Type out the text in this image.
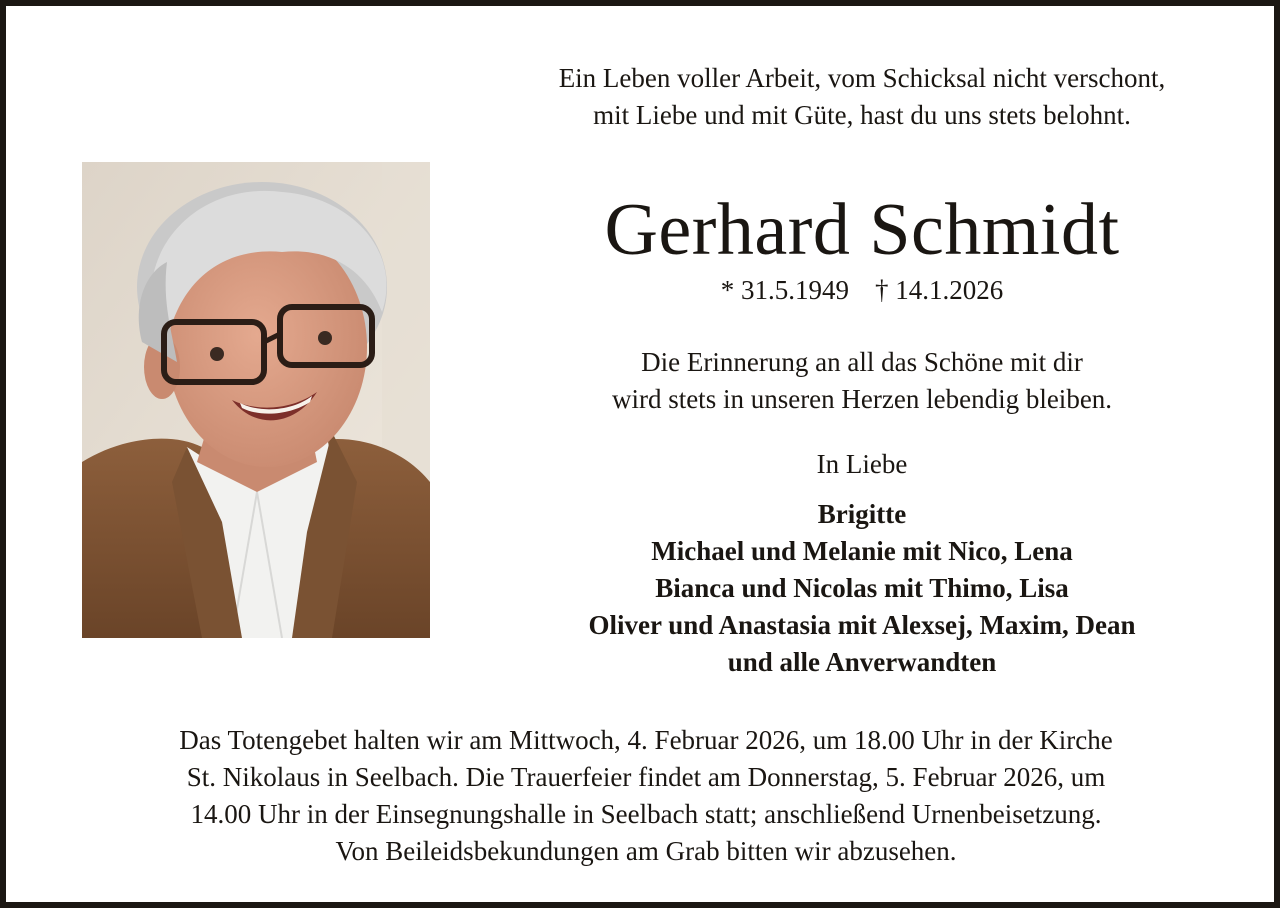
Ein Leben voller Arbeit, vom Schicksal nicht verschont,
mit Liebe und mit Güte, hast du uns stets belohnt.
Gerhard Schmidt
* 31.5.1949 † 14.1.2026
Die Erinnerung an all das Schöne mit dir
wird stets in unseren Herzen lebendig bleiben.
In Liebe
Brigitte
Michael und Melanie mit Nico, Lena
Bianca und Nicolas mit Thimo, Lisa
Oliver und Anastasia mit Alexsej, Maxim, Dean
und alle Anverwandten
Das Totengebet halten wir am Mittwoch, 4. Februar 2026, um 18.00 Uhr in der Kirche
St. Nikolaus in Seelbach. Die Trauerfeier findet am Donnerstag, 5. Februar 2026, um
14.00 Uhr in der Einsegnungshalle in Seelbach statt; anschließend Urnenbeisetzung.
Von Beileidsbekundungen am Grab bitten wir abzusehen.
